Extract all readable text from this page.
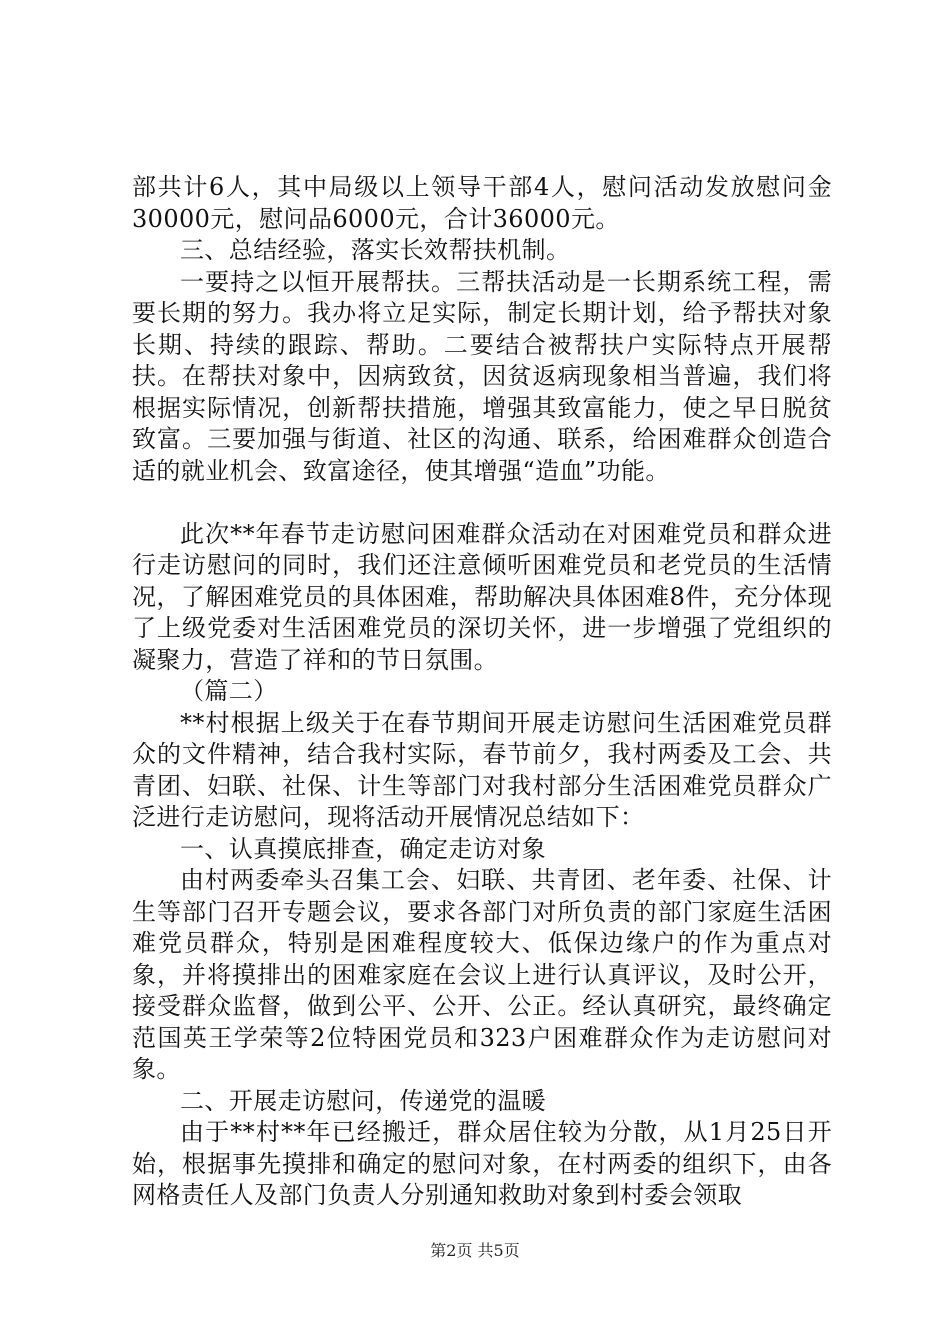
部共计6人，其中局级以上领导干部4人，慰问活动发放慰问金30000元，慰问品6000元，合计36000元。

三、总结经验，落实长效帮扶机制。

一要持之以恒开展帮扶。三帮扶活动是一长期系统工程，需要长期的努力。我办将立足实际，制定长期计划，给予帮扶对象长期、持续的跟踪、帮助。二要结合被帮扶户实际特点开展帮扶。在帮扶对象中，因病致贫，因贫返病现象相当普遍，我们将根据实际情况，创新帮扶措施，增强其致富能力，使之早日脱贫致富。三要加强与街道、社区的沟通、联系，给困难群众创造合适的就业机会、致富途径，使其增强“造血”功能。

此次**年春节走访慰问困难群众活动在对困难党员和群众进行走访慰问的同时，我们还注意倾听困难党员和老党员的生活情况，了解困难党员的具体困难，帮助解决具体困难8件，充分体现了上级党委对生活困难党员的深切关怀，进一步增强了党组织的凝聚力，营造了祥和的节日氛围。

（篇二）

**村根据上级关于在春节期间开展走访慰问生活困难党员群众的文件精神，结合我村实际，春节前夕，我村两委及工会、共青团、妇联、社保、计生等部门对我村部分生活困难党员群众广泛进行走访慰问，现将活动开展情况总结如下：

一、认真摸底排查，确定走访对象

由村两委牵头召集工会、妇联、共青团、老年委、社保、计生等部门召开专题会议，要求各部门对所负责的部门家庭生活困难党员群众，特别是困难程度较大、低保边缘户的作为重点对象，并将摸排出的困难家庭在会议上进行认真评议，及时公开，接受群众监督，做到公平、公开、公正。经认真研究，最终确定范国英王学荣等2位特困党员和323户困难群众作为走访慰问对象。

二、开展走访慰问，传递党的温暖

由于**村**年已经搬迁，群众居住较为分散，从1月25日开始，根据事先摸排和确定的慰问对象，在村两委的组织下，由各网格责任人及部门负责人分别通知救助对象到村委会领取

第2页 共5页
